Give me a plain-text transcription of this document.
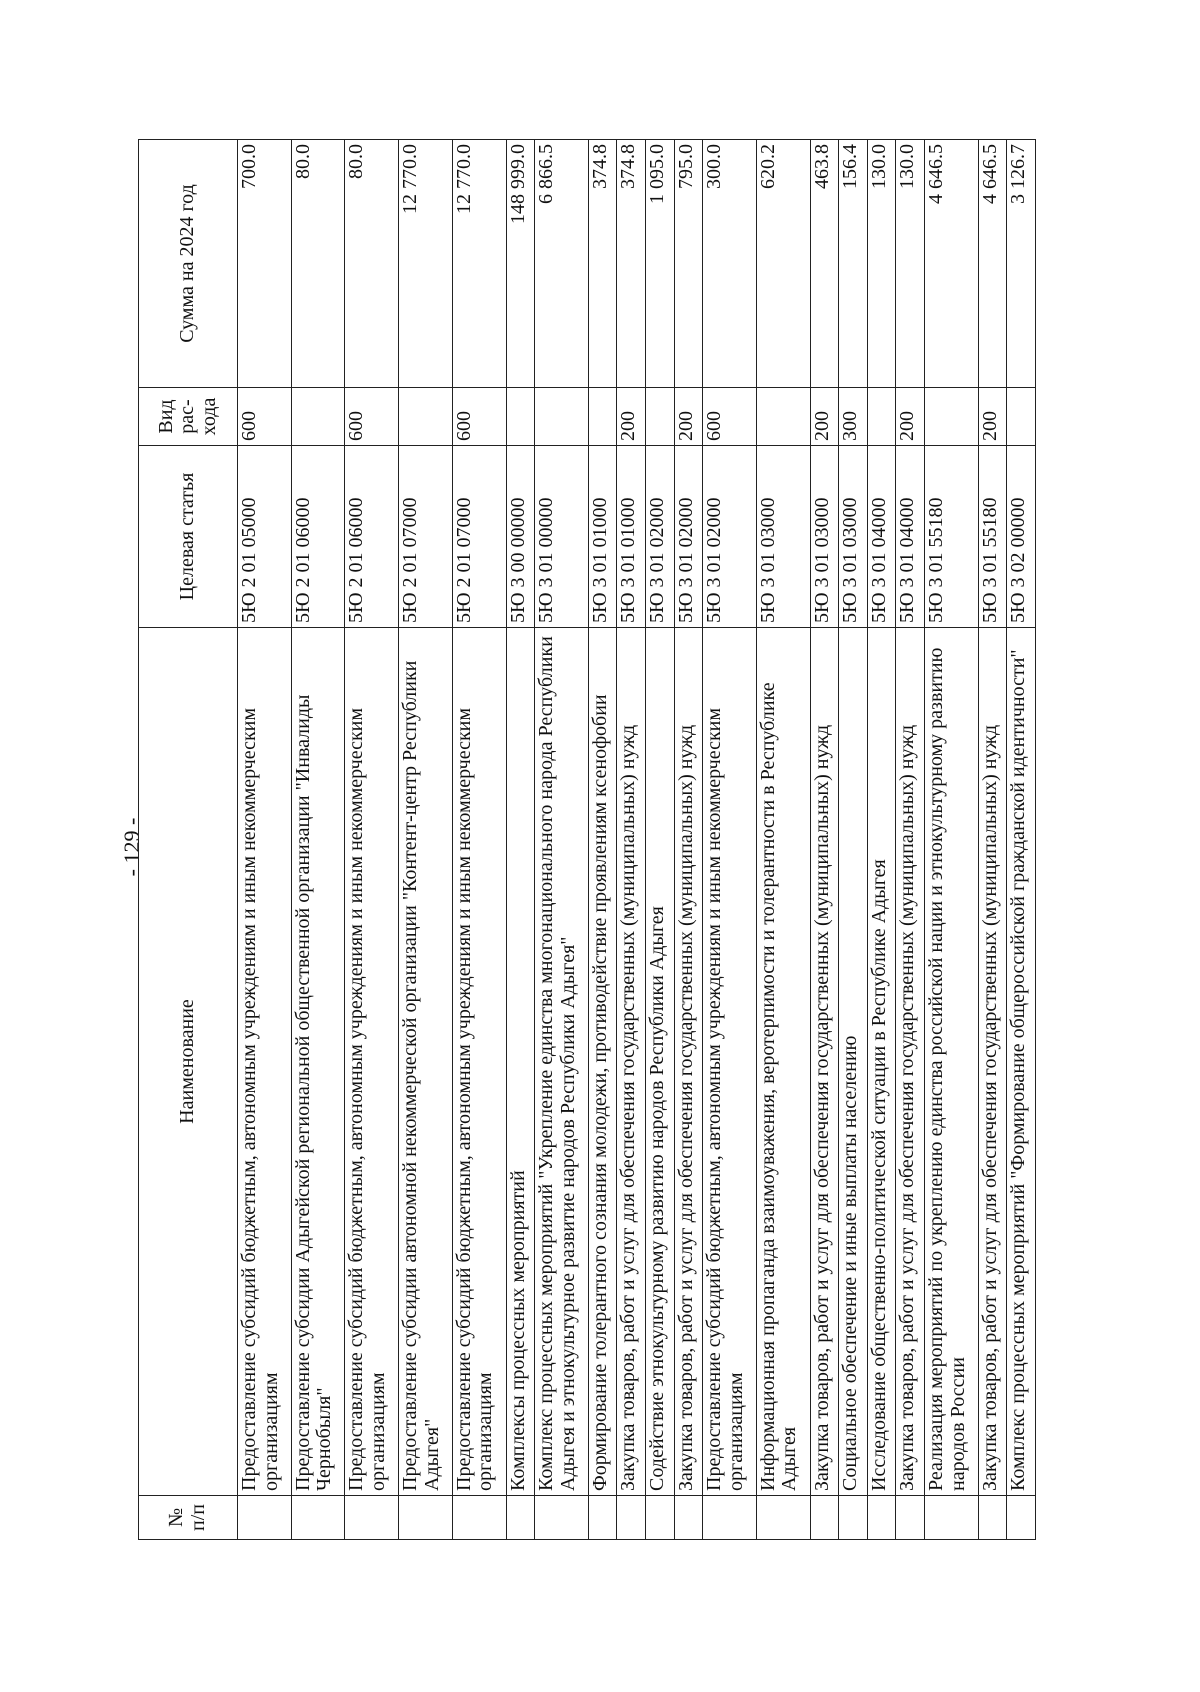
- 129 -
№ п/п	Наименование	Целевая статья	Вид рас-хода	Сумма на 2024 год
	Предоставление субсидий бюджетным, автономным учреждениям и иным некоммерческим организациям	5Ю 2 01 05000	600	700.0
	Предоставление субсидии Адыгейской региональной общественной организации "Инвалиды Чернобыля"	5Ю 2 01 06000		80.0
	Предоставление субсидий бюджетным, автономным учреждениям и иным некоммерческим организациям	5Ю 2 01 06000	600	80.0
	Предоставление субсидии автономной некоммерческой организации "Контент-центр Республики Адыгея"	5Ю 2 01 07000		12 770.0
	Предоставление субсидий бюджетным, автономным учреждениям и иным некоммерческим организациям	5Ю 2 01 07000	600	12 770.0
	Комплексы процессных мероприятий	5Ю 3 00 00000		148 999.0
	Комплекс процессных мероприятий "Укрепление единства многонационального народа Республики Адыгея и этнокультурное развитие народов Республики Адыгея"	5Ю 3 01 00000		6 866.5
	Формирование толерантного сознания молодежи, противодействие проявлениям ксенофобии	5Ю 3 01 01000		374.8
	Закупка товаров, работ и услуг для обеспечения государственных (муниципальных) нужд	5Ю 3 01 01000	200	374.8
	Содействие этнокультурному развитию народов Республики Адыгея	5Ю 3 01 02000		1 095.0
	Закупка товаров, работ и услуг для обеспечения государственных (муниципальных) нужд	5Ю 3 01 02000	200	795.0
	Предоставление субсидий бюджетным, автономным учреждениям и иным некоммерческим организациям	5Ю 3 01 02000	600	300.0
	Информационная пропаганда взаимоуважения, веротерпимости и толерантности в Республике Адыгея	5Ю 3 01 03000		620.2
	Закупка товаров, работ и услуг для обеспечения государственных (муниципальных) нужд	5Ю 3 01 03000	200	463.8
	Социальное обеспечение и иные выплаты населению	5Ю 3 01 03000	300	156.4
	Исследование общественно-политической ситуации в Республике Адыгея	5Ю 3 01 04000		130.0
	Закупка товаров, работ и услуг для обеспечения государственных (муниципальных) нужд	5Ю 3 01 04000	200	130.0
	Реализация мероприятий по укреплению единства российской нации и этнокультурному развитию народов России	5Ю 3 01 55180		4 646.5
	Закупка товаров, работ и услуг для обеспечения государственных (муниципальных) нужд	5Ю 3 01 55180	200	4 646.5
	Комплекс процессных мероприятий "Формирование общероссийской гражданской идентичности"	5Ю 3 02 00000		3 126.7
